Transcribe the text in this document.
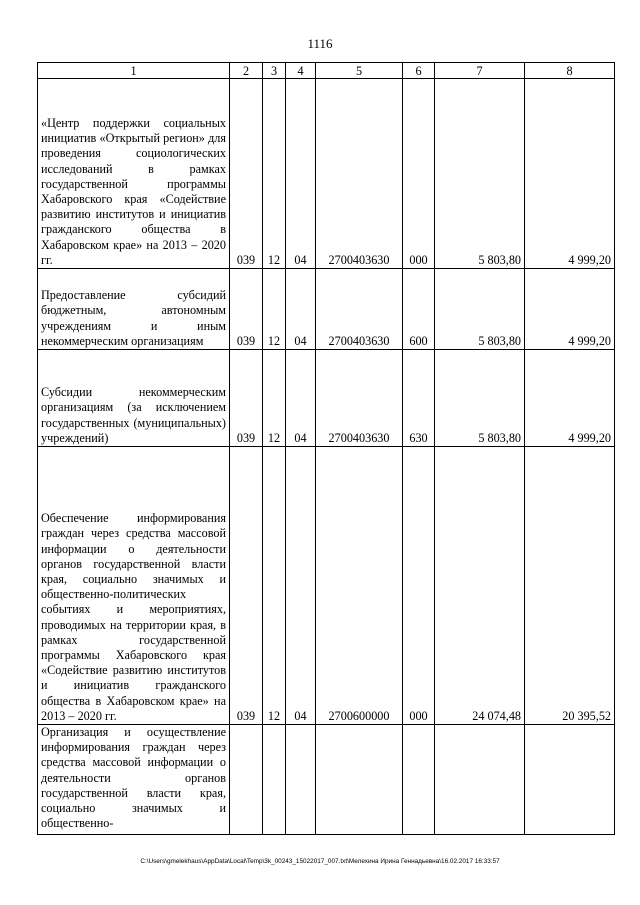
1116
1	2	3	4	5	6	7	8
«Центр поддержки социальных инициатив «Открытый регион» для проведения социологических исследований в рамках государственной программы Хабаровского края «Содействие развитию институтов и инициатив гражданского общества в Хабаровском крае» на 2013 – 2020 гг.	039	12	04	2700403630	000	5 803,80	4 999,20
Предоставление субсидий бюджетным, автономным учреждениям и иным некоммерческим организациям	039	12	04	2700403630	600	5 803,80	4 999,20
Субсидии некоммерческим организациям (за исключением государственных (муниципальных) учреждений)	039	12	04	2700403630	630	5 803,80	4 999,20
Обеспечение информирования граждан через средства массовой информации о деятельности органов государственной власти края, социально значимых и общественно-политических событиях и мероприятиях, проводимых на территории края, в рамках государственной программы Хабаровского края «Содействие развитию институтов и инициатив гражданского общества в Хабаровском крае» на 2013 – 2020 гг.	039	12	04	2700600000	000	24 074,48	20 395,52
Организация и осуществление информирования граждан через средства массовой информации о деятельности органов государственной власти края, социально значимых и общественно-							
C:\Users\gmelekhaus\AppData\Local\Temp\3k_00243_15022017_007.txt\Мелехина Ирина Геннадьевна\16.02.2017 16:33:57
